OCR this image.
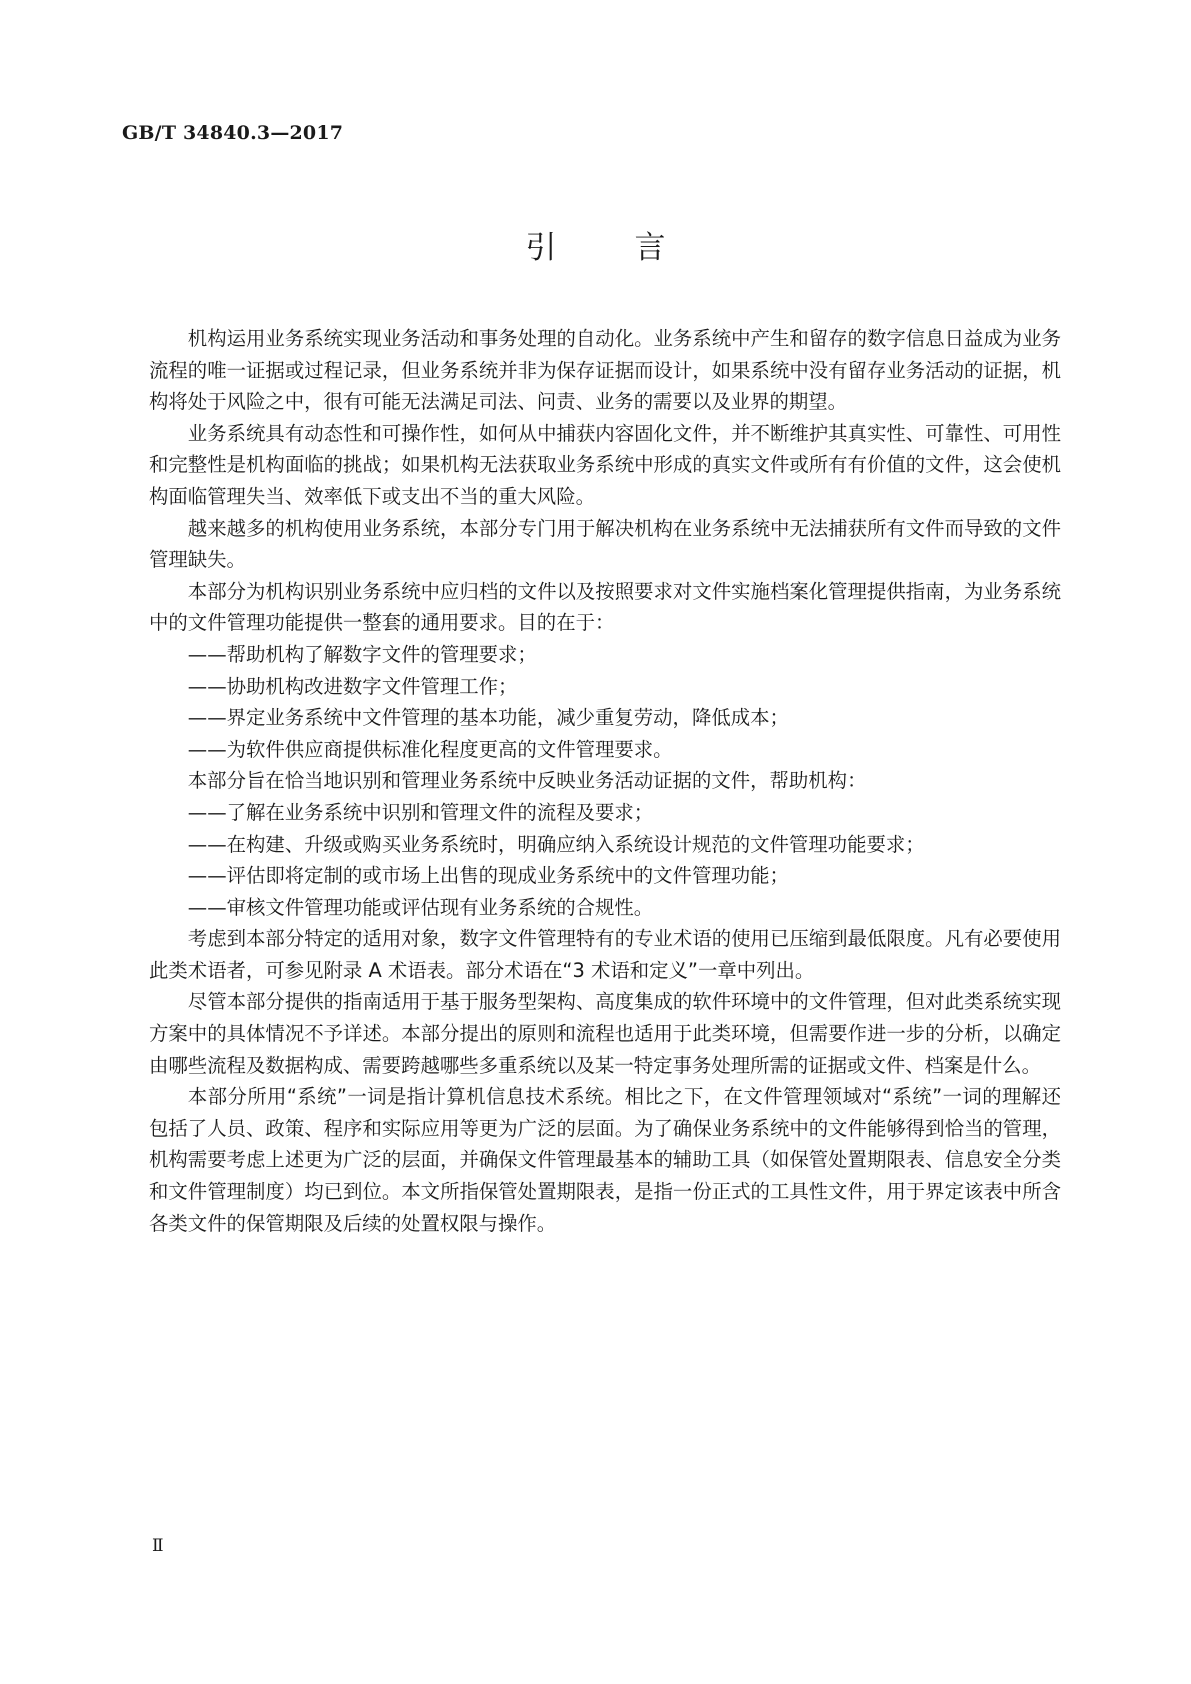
GB/T 34840.3—2017
引	言

机构运用业务系统实现业务活动和事务处理的自动化。业务系统中产生和留存的数字信息日益成为业务流程的唯一证据或过程记录，但业务系统并非为保存证据而设计，如果系统中没有留存业务活动的证据，机构将处于风险之中，很有可能无法满足司法、问责、业务的需要以及业界的期望。

业务系统具有动态性和可操作性，如何从中捕获内容固化文件，并不断维护其真实性、可靠性、可用性和完整性是机构面临的挑战；如果机构无法获取业务系统中形成的真实文件或所有有价值的文件，这会使机构面临管理失当、效率低下或支出不当的重大风险。

越来越多的机构使用业务系统，本部分专门用于解决机构在业务系统中无法捕获所有文件而导致的文件管理缺失。

本部分为机构识别业务系统中应归档的文件以及按照要求对文件实施档案化管理提供指南，为业务系统中的文件管理功能提供一整套的通用要求。目的在于：

——帮助机构了解数字文件的管理要求；

——协助机构改进数字文件管理工作；

——界定业务系统中文件管理的基本功能，减少重复劳动，降低成本；

——为软件供应商提供标准化程度更高的文件管理要求。

本部分旨在恰当地识别和管理业务系统中反映业务活动证据的文件，帮助机构：

——了解在业务系统中识别和管理文件的流程及要求；

——在构建、升级或购买业务系统时，明确应纳入系统设计规范的文件管理功能要求；

——评估即将定制的或市场上出售的现成业务系统中的文件管理功能；

——审核文件管理功能或评估现有业务系统的合规性。

考虑到本部分特定的适用对象，数字文件管理特有的专业术语的使用已压缩到最低限度。凡有必要使用此类术语者，可参见附录 A 术语表。部分术语在“3 术语和定义”一章中列出。

尽管本部分提供的指南适用于基于服务型架构、高度集成的软件环境中的文件管理，但对此类系统实现方案中的具体情况不予详述。本部分提出的原则和流程也适用于此类环境，但需要作进一步的分析，以确定由哪些流程及数据构成、需要跨越哪些多重系统以及某一特定事务处理所需的证据或文件、档案是什么。

本部分所用“系统”一词是指计算机信息技术系统。相比之下，在文件管理领域对“系统”一词的理解还包括了人员、政策、程序和实际应用等更为广泛的层面。为了确保业务系统中的文件能够得到恰当的管理，机构需要考虑上述更为广泛的层面，并确保文件管理最基本的辅助工具（如保管处置期限表、信息安全分类和文件管理制度）均已到位。本文所指保管处置期限表，是指一份正式的工具性文件，用于界定该表中所含各类文件的保管期限及后续的处置权限与操作。

Ⅱ
